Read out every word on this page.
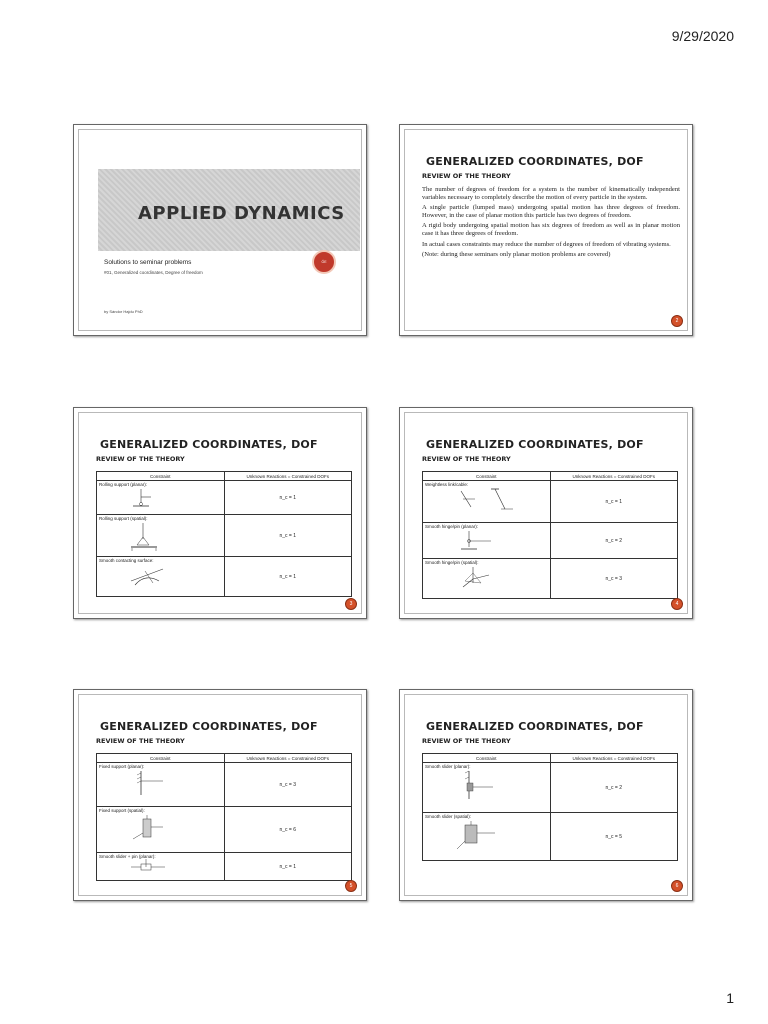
9/29/2020
APPLIED DYNAMICS
ÓE
Solutions to seminar problems
#01, Generalized coordinates, Degree of freedom
by Sándor Hajdu PhD
GENERALIZED COORDINATES, DOF
REVIEW OF THE THEORY

The number of degrees of freedom for a system is the number of kinematically independent variables necessary to completely describe the motion of every particle in the system.

A single particle (lumped mass) undergoing spatial motion has three degrees of freedom. However, in the case of planar motion this particle has two degrees of freedom.

A rigid body undergoing spatial motion has six degrees of freedom as well as in planar motion case it has three degrees of freedom.

In actual cases constraints may reduce the number of degrees of freedom of vibrating systems.

(Note: during these seminars only planar motion problems are covered)

2
GENERALIZED COORDINATES, DOF
REVIEW OF THE THEORY
Constraint	Unknown Reactions = Constrained DOFs

Rolling support (planar):	n_c = 1

Rolling support (spatial):	n_c = 1

Smooth contacting surface:	n_c = 1
3
GENERALIZED COORDINATES, DOF
REVIEW OF THE THEORY
Constraint	Unknown Reactions = Constrained DOFs

Weightless link/cable:	n_c = 1

Smooth hinge/pin (planar):	n_c = 2

Smooth hinge/pin (spatial):	n_c = 3
4
GENERALIZED COORDINATES, DOF
REVIEW OF THE THEORY
Constraint	Unknown Reactions = Constrained DOFs

Fixed support (planar):	n_c = 3

Fixed support (spatial):	n_c = 6

Smooth slider + pin (planar):	n_c = 1
5
GENERALIZED COORDINATES, DOF
REVIEW OF THE THEORY
Constraint	Unknown Reactions = Constrained DOFs

Smooth slider (planar):	n_c = 2

Smooth slider (spatial):	n_c = 5
6
1
